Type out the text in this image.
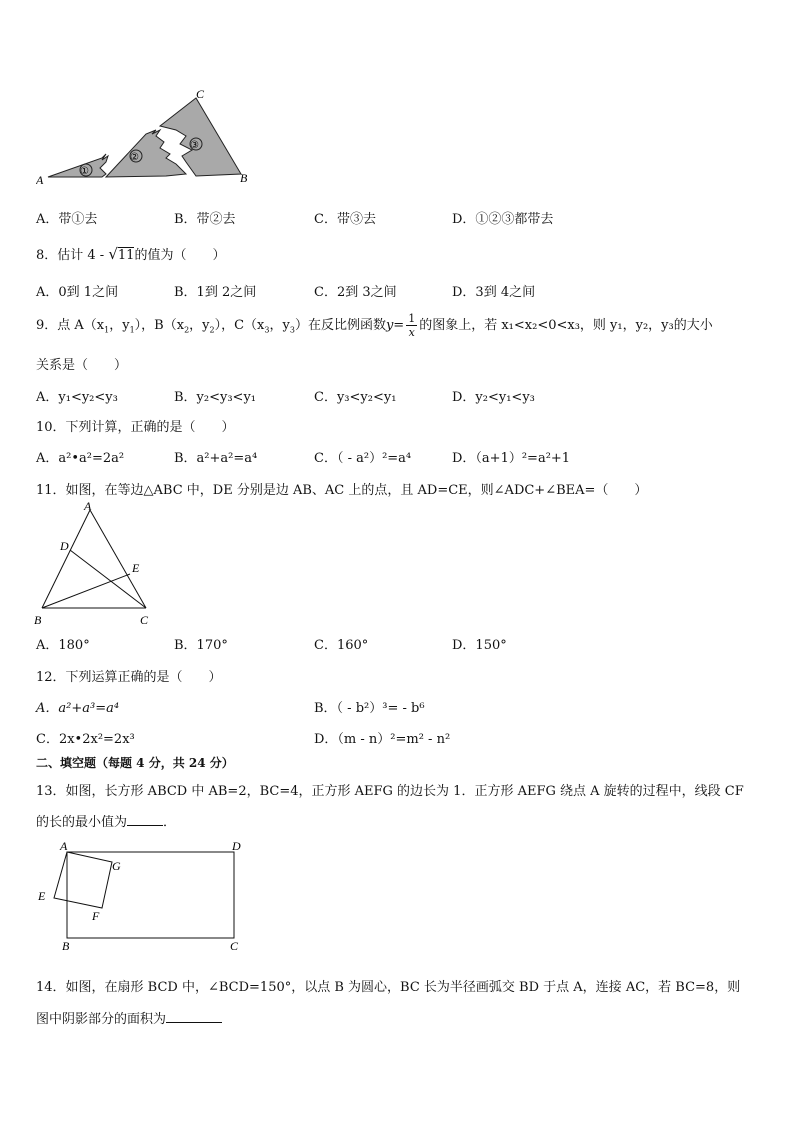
①
②
③
A	B
C
A．带①去	B．带②去	C．带③去	D．①②③都带去
8．估计 4 - √11的值为（　　）
A．0到 1之间	B．1到 2之间	C．2到 3之间	D．3到 4之间
9．点 $A(x_1$，$y_1$），$B(x_2$，$y_2$），$C(x_3$，$y_3$）在反比例函数$y= \frac{1}{x}$ 的图象上，若 x₁<x₂<0<x₃，则 y₁，y₂，y₃的大小
关系是（　　）
A．y₁<y₂<y₃	B．y₂<y₃<y₁	C．y₃<y₂<y₁	D．y₂<y₁<y₃
10．下列计算，正确的是（　　）
A．a²•a²=2a²	B．a²+a²=a⁴	C．（ - a²）²=a⁴	D．（a+1）²=a²+1
11．如图，在等边△ABC 中，DE 分别是边 AB、AC 上的点，且 AD=CE，则∠ADC+∠BEA=（　　）
A
B	C
D
E
A．180°	B．170°	C．160°	D．150°
12．下列运算正确的是（　　）
A．a²+a³=a⁴	B．（ - b²）³= - b⁶
C．2x•2x²=2x³	D．（m - n）²=m² - n²
二、填空题（每题 4 分，共 24 分）
13．如图，长方形 ABCD 中 AB=2，BC=4，正方形 AEFG 的边长为 1．正方形 AEFG 绕点 A 旋转的过程中，线段 CF
的长的最小值为	．
A	D
B	C
E
F
G
14．如图，在扇形 BCD 中，∠BCD=150°，以点 B 为圆心，BC 长为半径画弧交 BD 于点 A，连接 AC，若 BC=8，则
图中阴影部分的面积为
